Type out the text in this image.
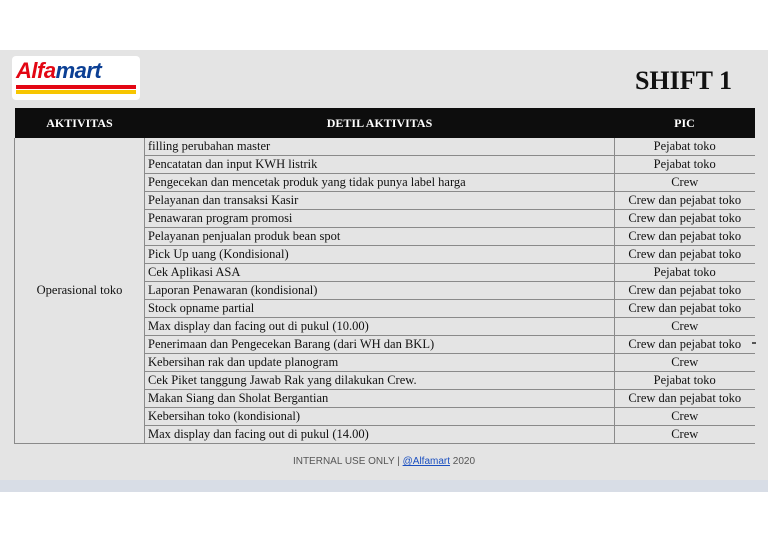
Alfamart	SHIFT 1
AKTIVITAS	DETIL AKTIVITAS	PIC
Operasional toko	filling perubahan master	Pejabat toko
	Pencatatan dan input KWH listrik	Pejabat toko
	Pengecekan dan mencetak produk yang tidak punya label harga	Crew
	Pelayanan dan transaksi Kasir	Crew dan pejabat toko
	Penawaran program promosi	Crew dan pejabat toko
	Pelayanan penjualan produk bean spot	Crew dan pejabat toko
	Pick Up uang (Kondisional)	Crew dan pejabat toko
	Cek Aplikasi ASA	Pejabat toko
	Laporan Penawaran (kondisional)	Crew dan pejabat toko
	Stock opname partial	Crew dan pejabat toko
	Max display dan facing out di pukul (10.00)	Crew
	Penerimaan dan Pengecekan Barang (dari WH dan BKL)	Crew dan pejabat toko
	Kebersihan rak dan update planogram	Crew
	Cek Piket tanggung Jawab Rak yang dilakukan Crew.	Pejabat toko
	Makan Siang dan Sholat Bergantian	Crew dan pejabat toko
	Kebersihan toko (kondisional)	Crew
	Max display dan facing out di pukul (14.00)	Crew
INTERNAL USE ONLY | @Alfamart 2020
